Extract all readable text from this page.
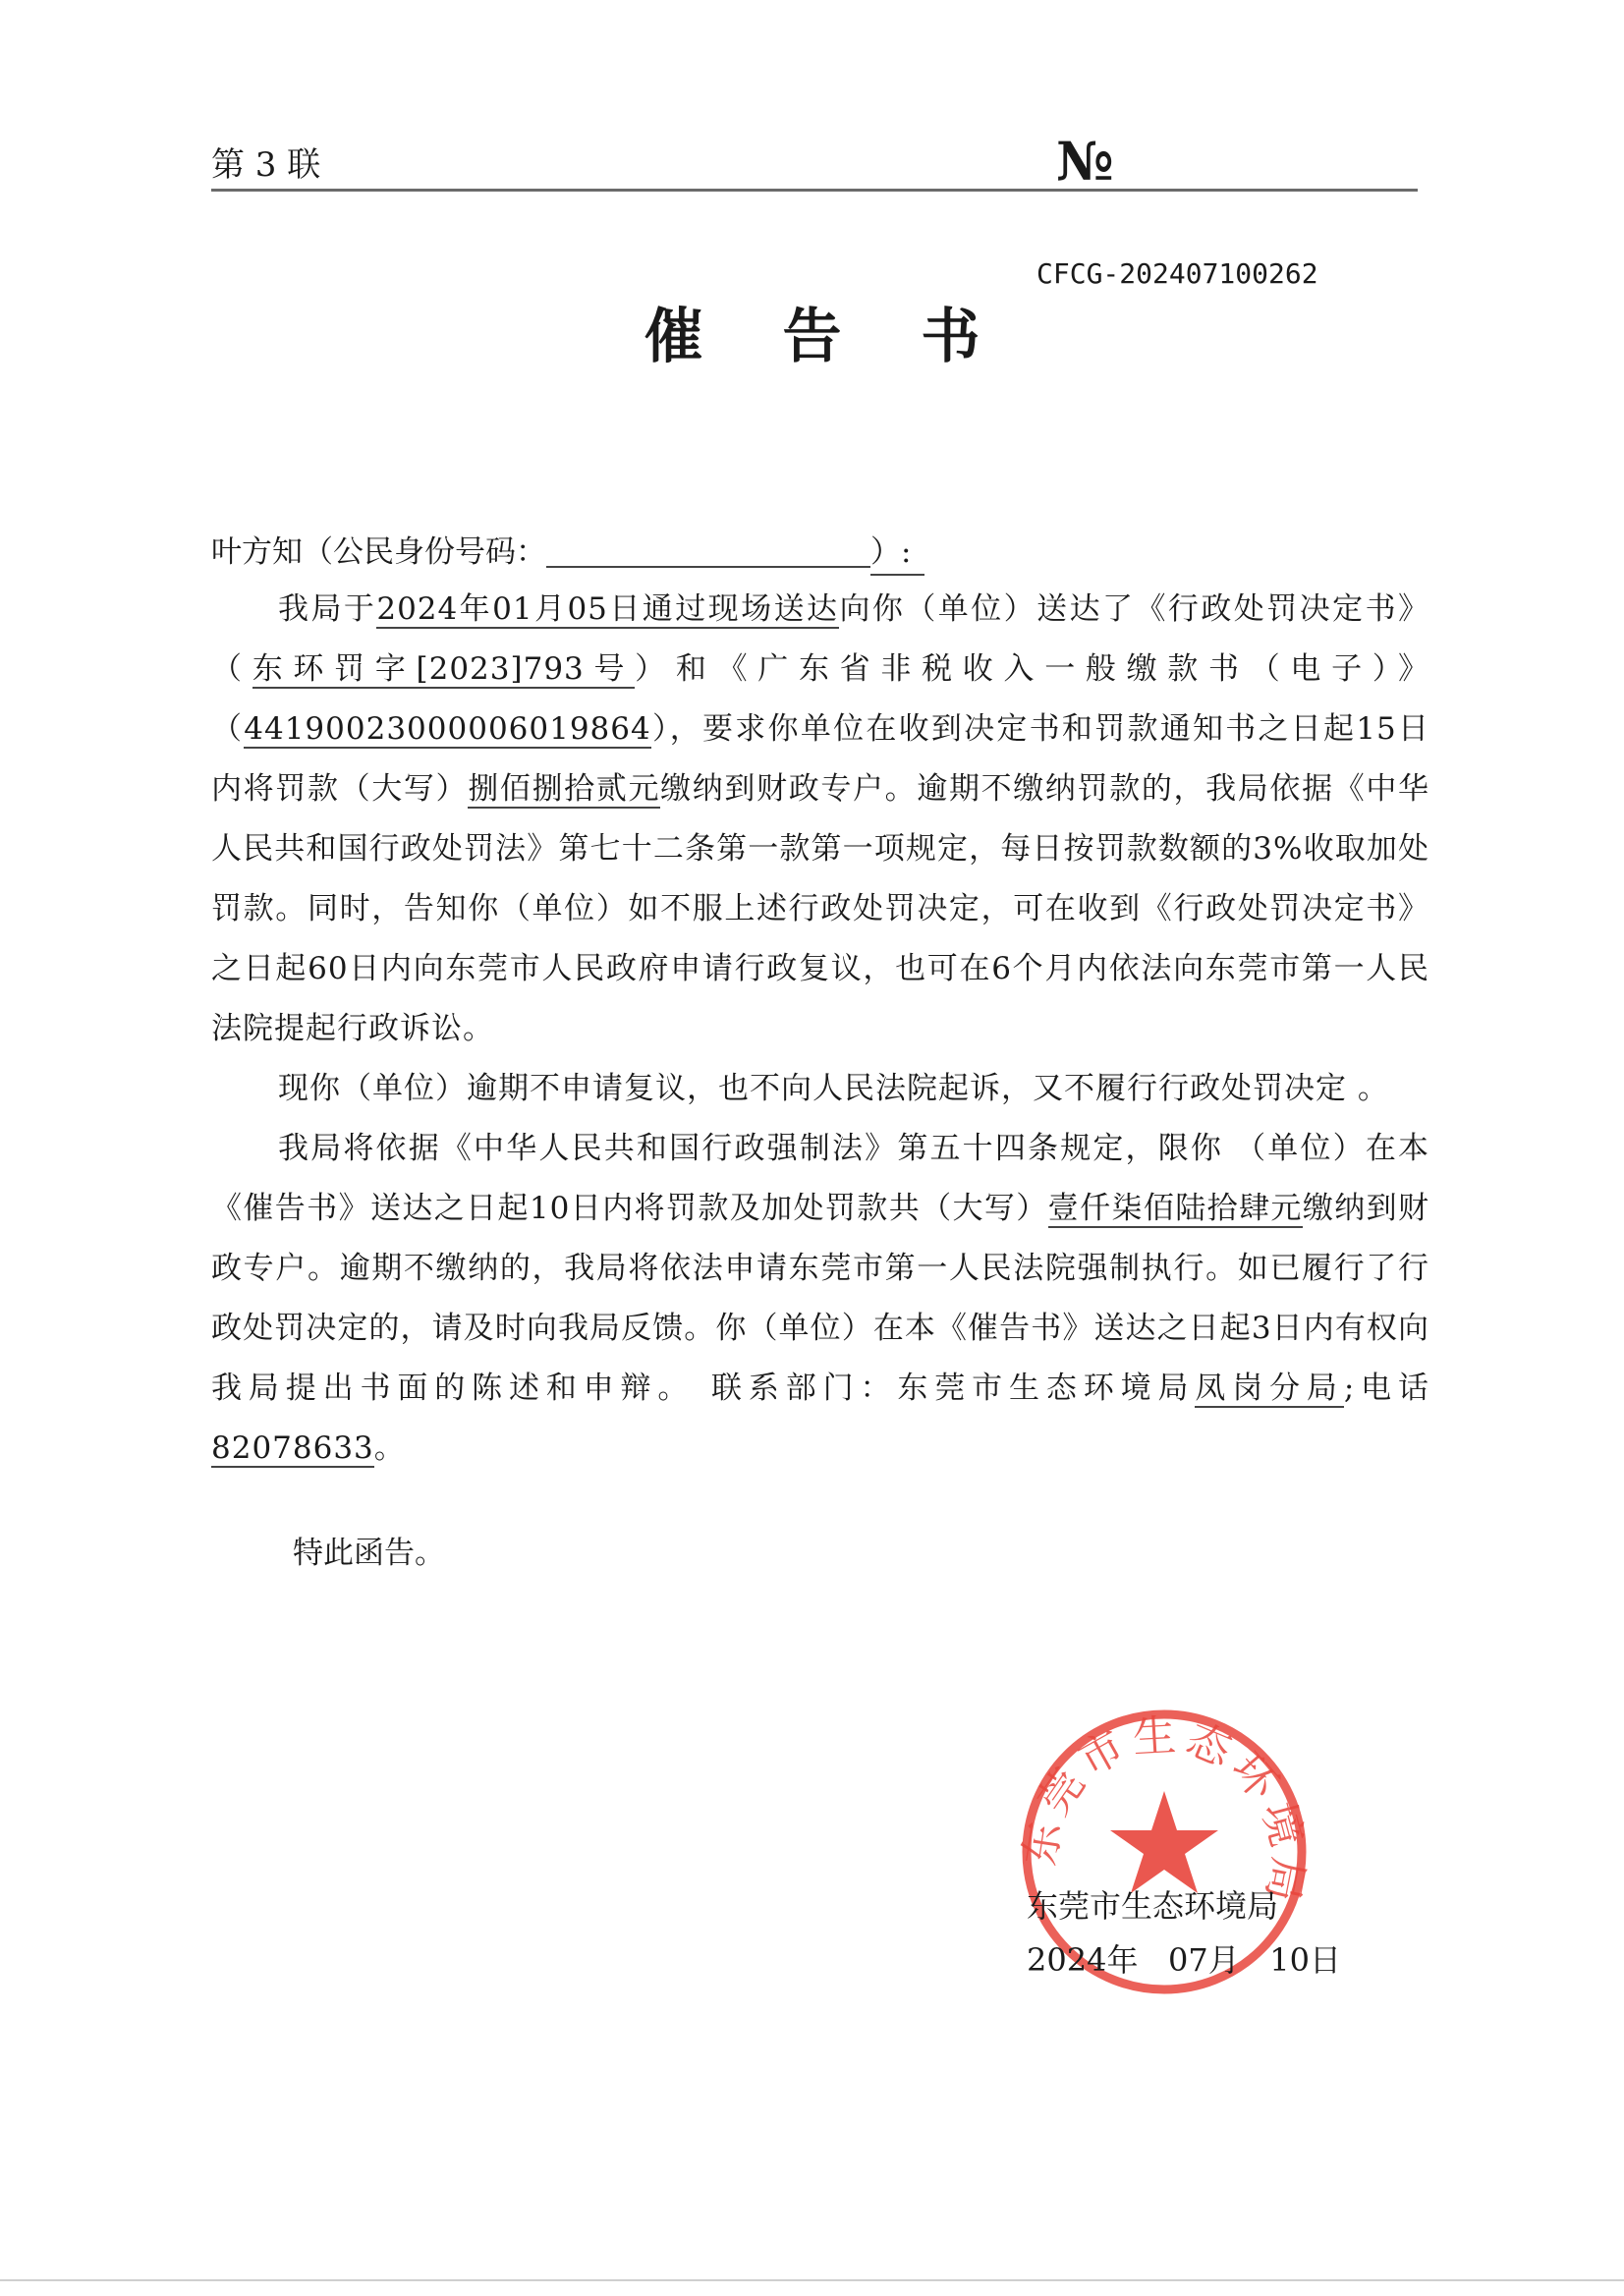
第 3 联	№
CFCG-202407100262
催 告 书
叶方知（公民身份号码：	）:

我局于2024年01月05日通过现场送达向你（单位）送达了《行政处罚决定书》（东环罚字[2023]793号）和《广东省非税收入一般缴款书（电子）》（44190023000006019864），要求你单位在收到决定书和罚款通知书之日起15日内将罚款（大写）捌佰捌拾贰元缴纳到财政专户。逾期不缴纳罚款的，我局依据《中华人民共和国行政处罚法》第七十二条第一款第一项规定，每日按罚款数额的3%收取加处罚款。同时，告知你（单位）如不服上述行政处罚决定，可在收到《行政处罚决定书》之日起60日内向东莞市人民政府申请行政复议，也可在6个月内依法向东莞市第一人民法院提起行政诉讼。

现你（单位）逾期不申请复议，也不向人民法院起诉，又不履行行政处罚决定 。

我局将依据《中华人民共和国行政强制法》第五十四条规定，限你 （单位）在本《催告书》送达之日起10日内将罚款及加处罚款共（大写）壹仟柒佰陆拾肆元缴纳到财政专户。逾期不缴纳的，我局将依法申请东莞市第一人民法院强制执行。如已履行了行政处罚决定的，请及时向我局反馈。你（单位）在本《催告书》送达之日起3日内有权向我局提出书面的陈述和申辩。 联系部门：东莞市生态环境局凤岗分局;电话82078633。

特此函告。
东莞市生态环境局
东莞市生态环境局
2024年 07月 10日
